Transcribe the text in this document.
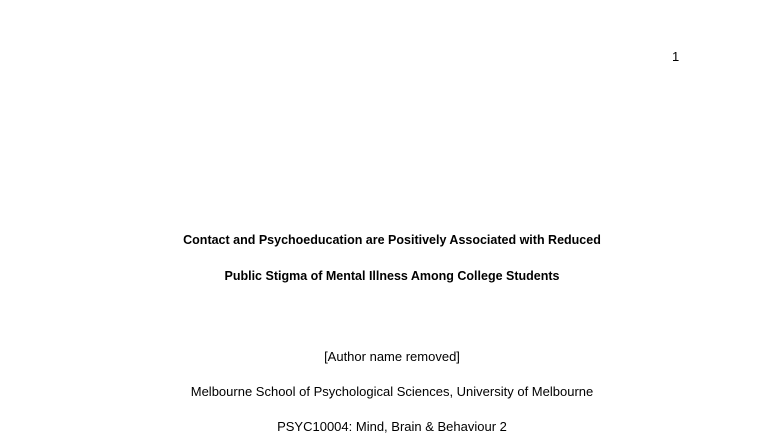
1
Contact and Psychoeducation are Positively Associated with Reduced
Public Stigma of Mental Illness Among College Students
[Author name removed]
Melbourne School of Psychological Sciences, University of Melbourne
PSYC10004: Mind, Brain & Behaviour 2
